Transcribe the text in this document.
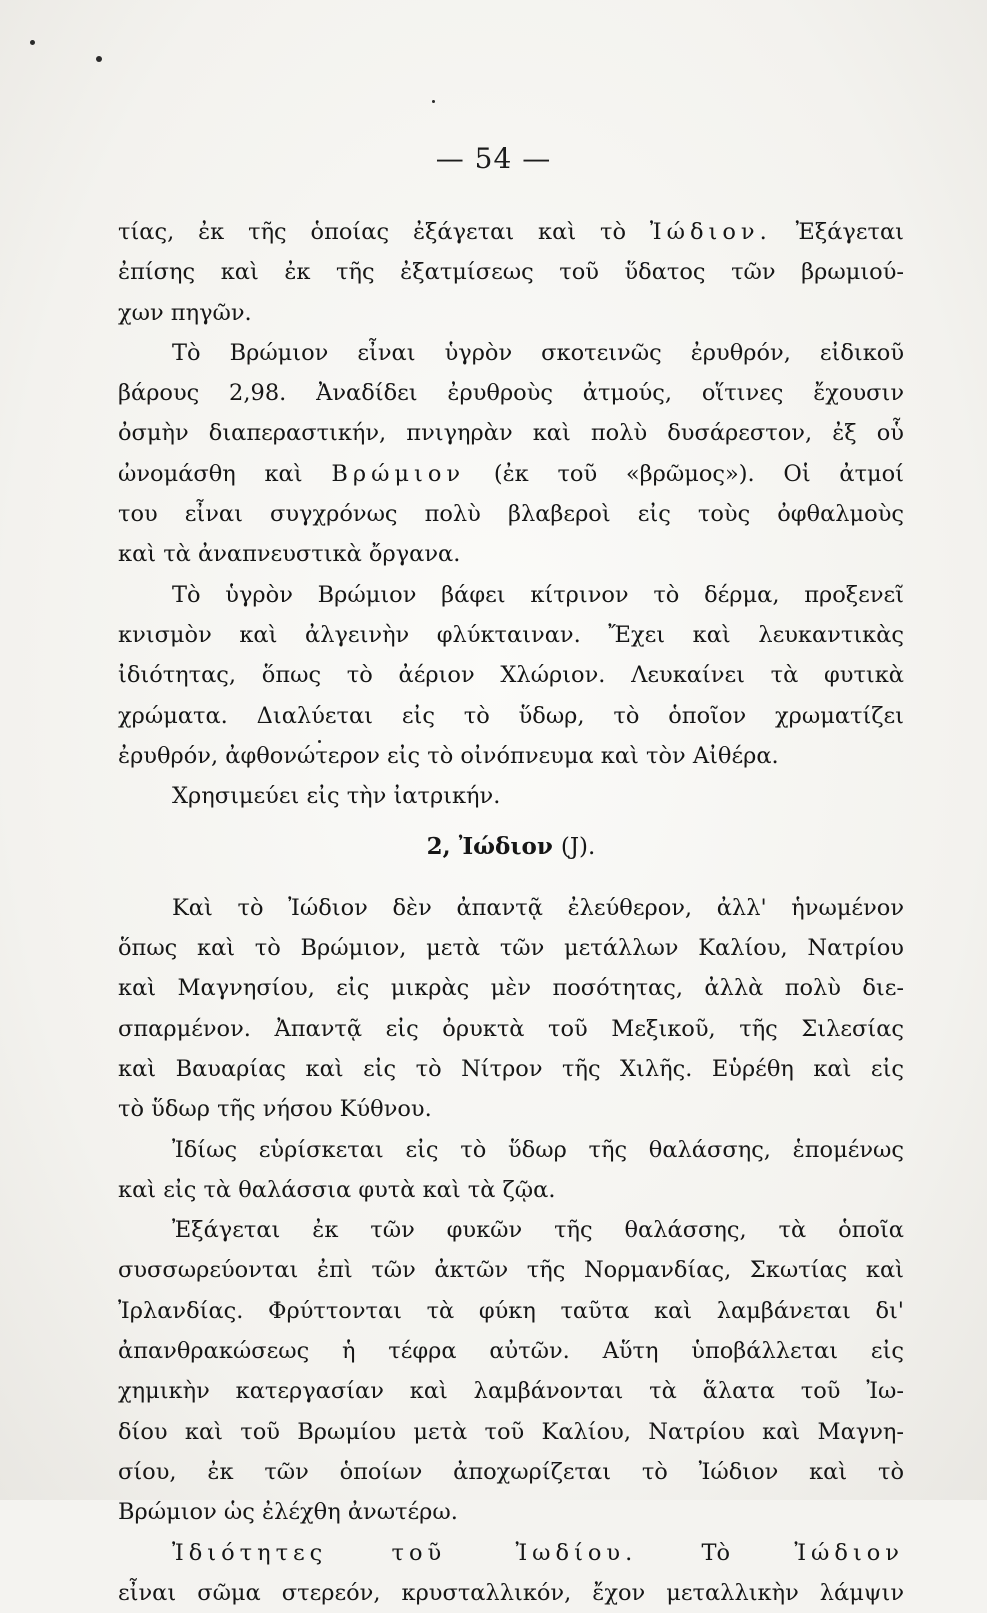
— 54 —

τίας, ἐκ τῆς ὁποίας ἐξάγεται καὶ τὸ Ἰώδιον. Ἐξάγεται

ἐπίσης καὶ ἐκ τῆς ἐξατμίσεως τοῦ ὕδατος τῶν βρωμιού-

χων πηγῶν.

Τὸ Βρώμιον εἶναι ὑγρὸν σκοτεινῶς ἐρυθρόν, εἰδικοῦ

βάρους 2,98. Ἀναδίδει ἐρυθροὺς ἀτμούς, οἵτινες ἔχουσιν

ὀσμὴν διαπεραστικήν, πνιγηρὰν καὶ πολὺ δυσάρεστον, ἐξ οὗ

ὠνομάσθη καὶ Βρώμιον (ἐκ τοῦ «βρῶμος»). Οἱ ἀτμοί

του εἶναι συγχρόνως πολὺ βλαβεροὶ εἰς τοὺς ὀφθαλμοὺς

καὶ τὰ ἀναπνευστικὰ ὄργανα.

Τὸ ὑγρὸν Βρώμιον βάφει κίτρινον τὸ δέρμα, προξενεῖ

κνισμὸν καὶ ἀλγεινὴν φλύκταιναν. Ἔχει καὶ λευκαντικὰς

ἰδιότητας, ὅπως τὸ ἀέριον Χλώριον. Λευκαίνει τὰ φυτικὰ

χρώματα. Διαλύεται εἰς τὸ ὕδωρ, τὸ ὁποῖον χρωματίζει

ἐρυθρόν, ἀφθονώτερον εἰς τὸ οἰνόπνευμα καὶ τὸν Αἰθέρα.

Χρησιμεύει εἰς τὴν ἰατρικήν.

2, Ἰώδιον (J).

Καὶ τὸ Ἰώδιον δὲν ἀπαντᾷ ἐλεύθερον, ἀλλ' ἡνωμένον

ὅπως καὶ τὸ Βρώμιον, μετὰ τῶν μετάλλων Καλίου, Νατρίου

καὶ Μαγνησίου, εἰς μικρὰς μὲν ποσότητας, ἀλλὰ πολὺ διε-

σπαρμένον. Ἀπαντᾷ εἰς ὀρυκτὰ τοῦ Μεξικοῦ, τῆς Σιλεσίας

καὶ Βαυαρίας καὶ εἰς τὸ Νίτρον τῆς Χιλῆς. Εὑρέθη καὶ εἰς

τὸ ὕδωρ τῆς νήσου Κύθνου.

Ἰδίως εὑρίσκεται εἰς τὸ ὕδωρ τῆς θαλάσσης, ἑπομένως

καὶ εἰς τὰ θαλάσσια φυτὰ καὶ τὰ ζῷα.

Ἐξάγεται ἐκ τῶν φυκῶν τῆς θαλάσσης, τὰ ὁποῖα

συσσωρεύονται ἐπὶ τῶν ἀκτῶν τῆς Νορμανδίας, Σκωτίας καὶ

Ἰρλανδίας. Φρύττονται τὰ φύκη ταῦτα καὶ λαμβάνεται δι'

ἀπανθρακώσεως ἡ τέφρα αὐτῶν. Αὕτη ὑποβάλλεται εἰς

χημικὴν κατεργασίαν καὶ λαμβάνονται τὰ ἅλατα τοῦ Ἰω-

δίου καὶ τοῦ Βρωμίου μετὰ τοῦ Καλίου, Νατρίου καὶ Μαγνη-

σίου, ἐκ τῶν ὁποίων ἀποχωρίζεται τὸ Ἰώδιον καὶ τὸ

Βρώμιον ὡς ἐλέχθη ἀνωτέρω.

Ἰδιότητες	τοῦ Ἰωδίου.	Τὸ	Ἰώδιον

εἶναι σῶμα στερεόν, κρυσταλλικόν, ἔχον μεταλλικὴν λάμψιν
